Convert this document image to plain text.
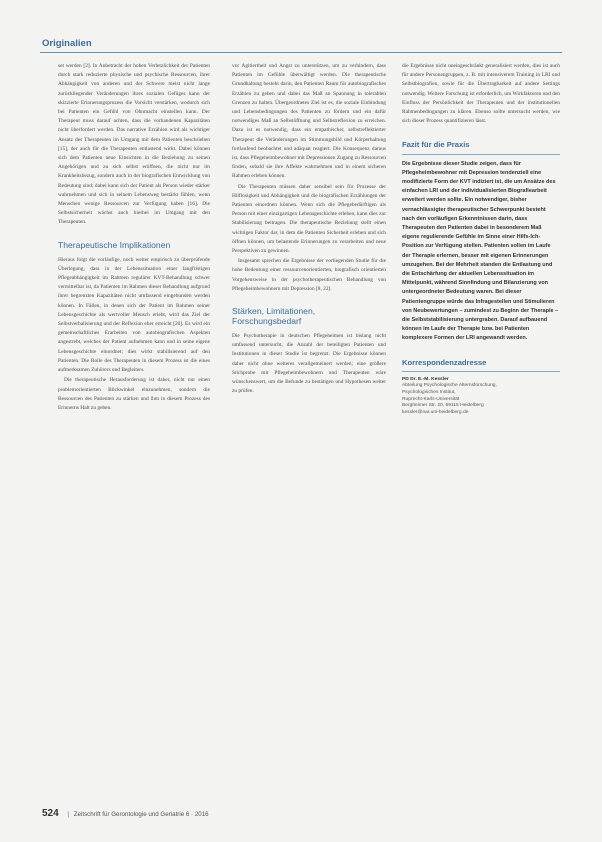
Originalien

set werden [2]. In Anbetracht der hohen Verletzlichkeit der Patienten durch stark reduzierte physische und psychische Ressourcen, ihrer Abhängigkeit von anderen und der Schwere meist nicht lange zurückliegender Veränderungen ihres sozialen Gefüges kann der skizzierte Erinnerungsprozess die Vorsicht verstärken, wodurch sich bei Patienten ein Gefühl von Ohnmacht einstellen kann. Der Therapeut muss darauf achten, dass die vorhandenen Kapazitäten nicht überfordert werden. Das narrative Erzählen wird als wichtiger Ansatz des Therapeuten im Umgang mit dem Patienten beschrieben [15], der auch für die Therapeuten entlastend wirkt. Dabei können sich dem Patienten neue Einsichten in die Beziehung zu seinen Angehörigen und zu sich selbst eröffnen, die nicht nur im Krankheitsbezug, sondern auch in der biografischen Entwicklung von Bedeutung sind; dabei kann sich der Patient als Person wieder stärker wahrnehmen und sich in seinem Lebensweg bestärkt fühlen, wenn Menschen wenige Ressourcen zur Verfügung haben [16]. Die Selbstsicherheit wächst auch hierbei im Umgang mit den Therapeuten.

Therapeutische Implikationen

Hieraus folgt die vorläufige, noch weiter empirisch zu überprüfende Überlegung, dass in der Lebenssituation einer langfristigen Pflegeabhängigkeit im Rahmen regulärer KVT-Behandlung schwer vermittelbar ist, da Patienten im Rahmen dieser Behandlung aufgrund ihrer begrenzten Kapazitäten nicht umfassend eingebunden werden können. In Fällen, in denen sich der Patient im Rahmen seiner Lebensgeschichte als wertvoller Mensch erlebt, wird das Ziel der Selbstverbalisierung und der Reflexion eher erreicht [20]. Es wird ein gemeinschaftliches Erarbeiten von autobiografischen Aspekten angestrebt, welches der Patient aufnehmen kann und in seine eigene Lebensgeschichte einordnet; dies wirkt stabilisierend auf den Patienten. Die Rolle des Therapeuten in diesem Prozess ist die eines aufmerksamen Zuhörers und Begleiters.

Die therapeutische Herausforderung ist daher, nicht nur einen problemorientierten Blickwinkel einzunehmen, sondern die Ressourcen des Patienten zu stärken und ihm in diesem Prozess des Erinnerns Halt zu geben.

vor Agitiertheit und Angst zu unterstützen, um zu verhindern, dass Patienten im Gefühle überwältigt werden. Die therapeutische Grundhaltung besteht darin, den Patienten Raum für autobiografisches Erzählen zu geben und dabei das Maß an Spannung in tolerablen Grenzen zu halten. Übergeordnetes Ziel ist es, die soziale Einbindung und Lebensbedingungen des Patienten zu fördern und ein dafür notwendiges Maß an Selbstöffnung und Selbstreflexion zu erreichen. Dazu ist es notwendig, dass ein empathischer, selbstreflektierter Therapeut die Veränderungen im Stimmungsbild und Körperhaltung fortlaufend beobachtet und adäquat reagiert. Die Konsequenz daraus ist, dass Pflegeheimbewohner mit Depressionen Zugang zu Ressourcen finden, sobald sie ihre Affekte wahrnehmen und in einem sicheren Rahmen erleben können.

Die Therapeuten müssen daher sensibel sein für Prozesse der Hilflosigkeit und Abhängigkeit und die biografischen Erzählungen der Patienten einordnen können. Wenn sich die Pflegebedürftigen als Person mit einer einzigartigen Lebensgeschichte erleben, kann dies zur Stabilisierung beitragen. Die therapeutische Beziehung stellt einen wichtigen Faktor dar, in dem die Patienten Sicherheit erleben und sich öffnen können, um belastende Erinnerungen zu verarbeiten und neue Perspektiven zu gewinnen.

Insgesamt sprechen die Ergebnisse der vorliegenden Studie für die hohe Bedeutung einer ressourcenorientierten, biografisch orientierten Vorgehensweise in der psychotherapeutischen Behandlung von Pflegeheimbewohnern mit Depression [8, 22].

Stärken, Limitationen, Forschungsbedarf

Die Psychotherapie in deutschen Pflegeheimen ist bislang nicht umfassend untersucht, die Anzahl der beteiligten Patienten und Institutionen in dieser Studie ist begrenzt. Die Ergebnisse können daher nicht ohne weiteres verallgemeinert werden; eine größere Stichprobe mit Pflegeheimbewohnern und Therapeuten wäre wünschenswert, um die Befunde zu bestätigen und Hypothesen weiter zu prüfen.

die Ergebnisse nicht uneingeschränkt generalisiert werden, dies ist auch für andere Personengruppen, z. B. mit intensiverem Training in LRI und Selbstbiografien, sowie für die Übertragbarkeit auf andere Settings notwendig. Weitere Forschung ist erforderlich, um Wirkfaktoren und den Einfluss der Persönlichkeit der Therapeuten und der institutionellen Rahmenbedingungen zu klären. Ebenso sollte untersucht werden, wie sich dieser Prozess quantifizieren lässt.

Fazit für die Praxis
Die Ergebnisse dieser Studie zeigen, dass für Pflegeheimbewohner mit Depression tendenziell eine modifizierte Form der KVT indiziert ist, die um Ansätze des einfachen LRI und der individualisierten Biografiearbeit erweitert werden sollte. Ein notwendiger, bisher vernachlässigter therapeutischer Schwerpunkt besteht nach den vorläufigen Erkenntnissen darin, dass Therapeuten den Patienten dabei in besonderem Maß eigene regulierende Gefühle im Sinne einer Hilfs-Ich-Position zur Verfügung stellen. Patienten sollen im Laufe der Therapie erlernen, besser mit eigenen Erinnerungen umzugehen. Bei der Mehrheit standen die Entlastung und die Entschärfung der aktuellen Lebenssituation im Mittelpunkt, während Sinnfindung und Bilanzierung von untergeordneter Bedeutung waren. Bei dieser Patientengruppe würde das Infragestellen und Stimulieren von Neubewertungen – zumindest zu Beginn der Therapie – die Selbststabilisierung untergraben. Darauf aufbauend können im Laufe der Therapie bzw. bei Patienten komplexere Formen der LRI angewandt werden.
Korrespondenzadresse
PD Dr. E.-M. Kessler
Abteilung Psychologische Alternsforschung,
Psychologisches Institut,
Ruprecht-Karls-Universität
Bergheimer Str. 20, 69115 Heidelberg
kessler@nar.uni-heidelberg.de
524 | Zeitschrift für Gerontologie und Geriatrie 6 · 2016
